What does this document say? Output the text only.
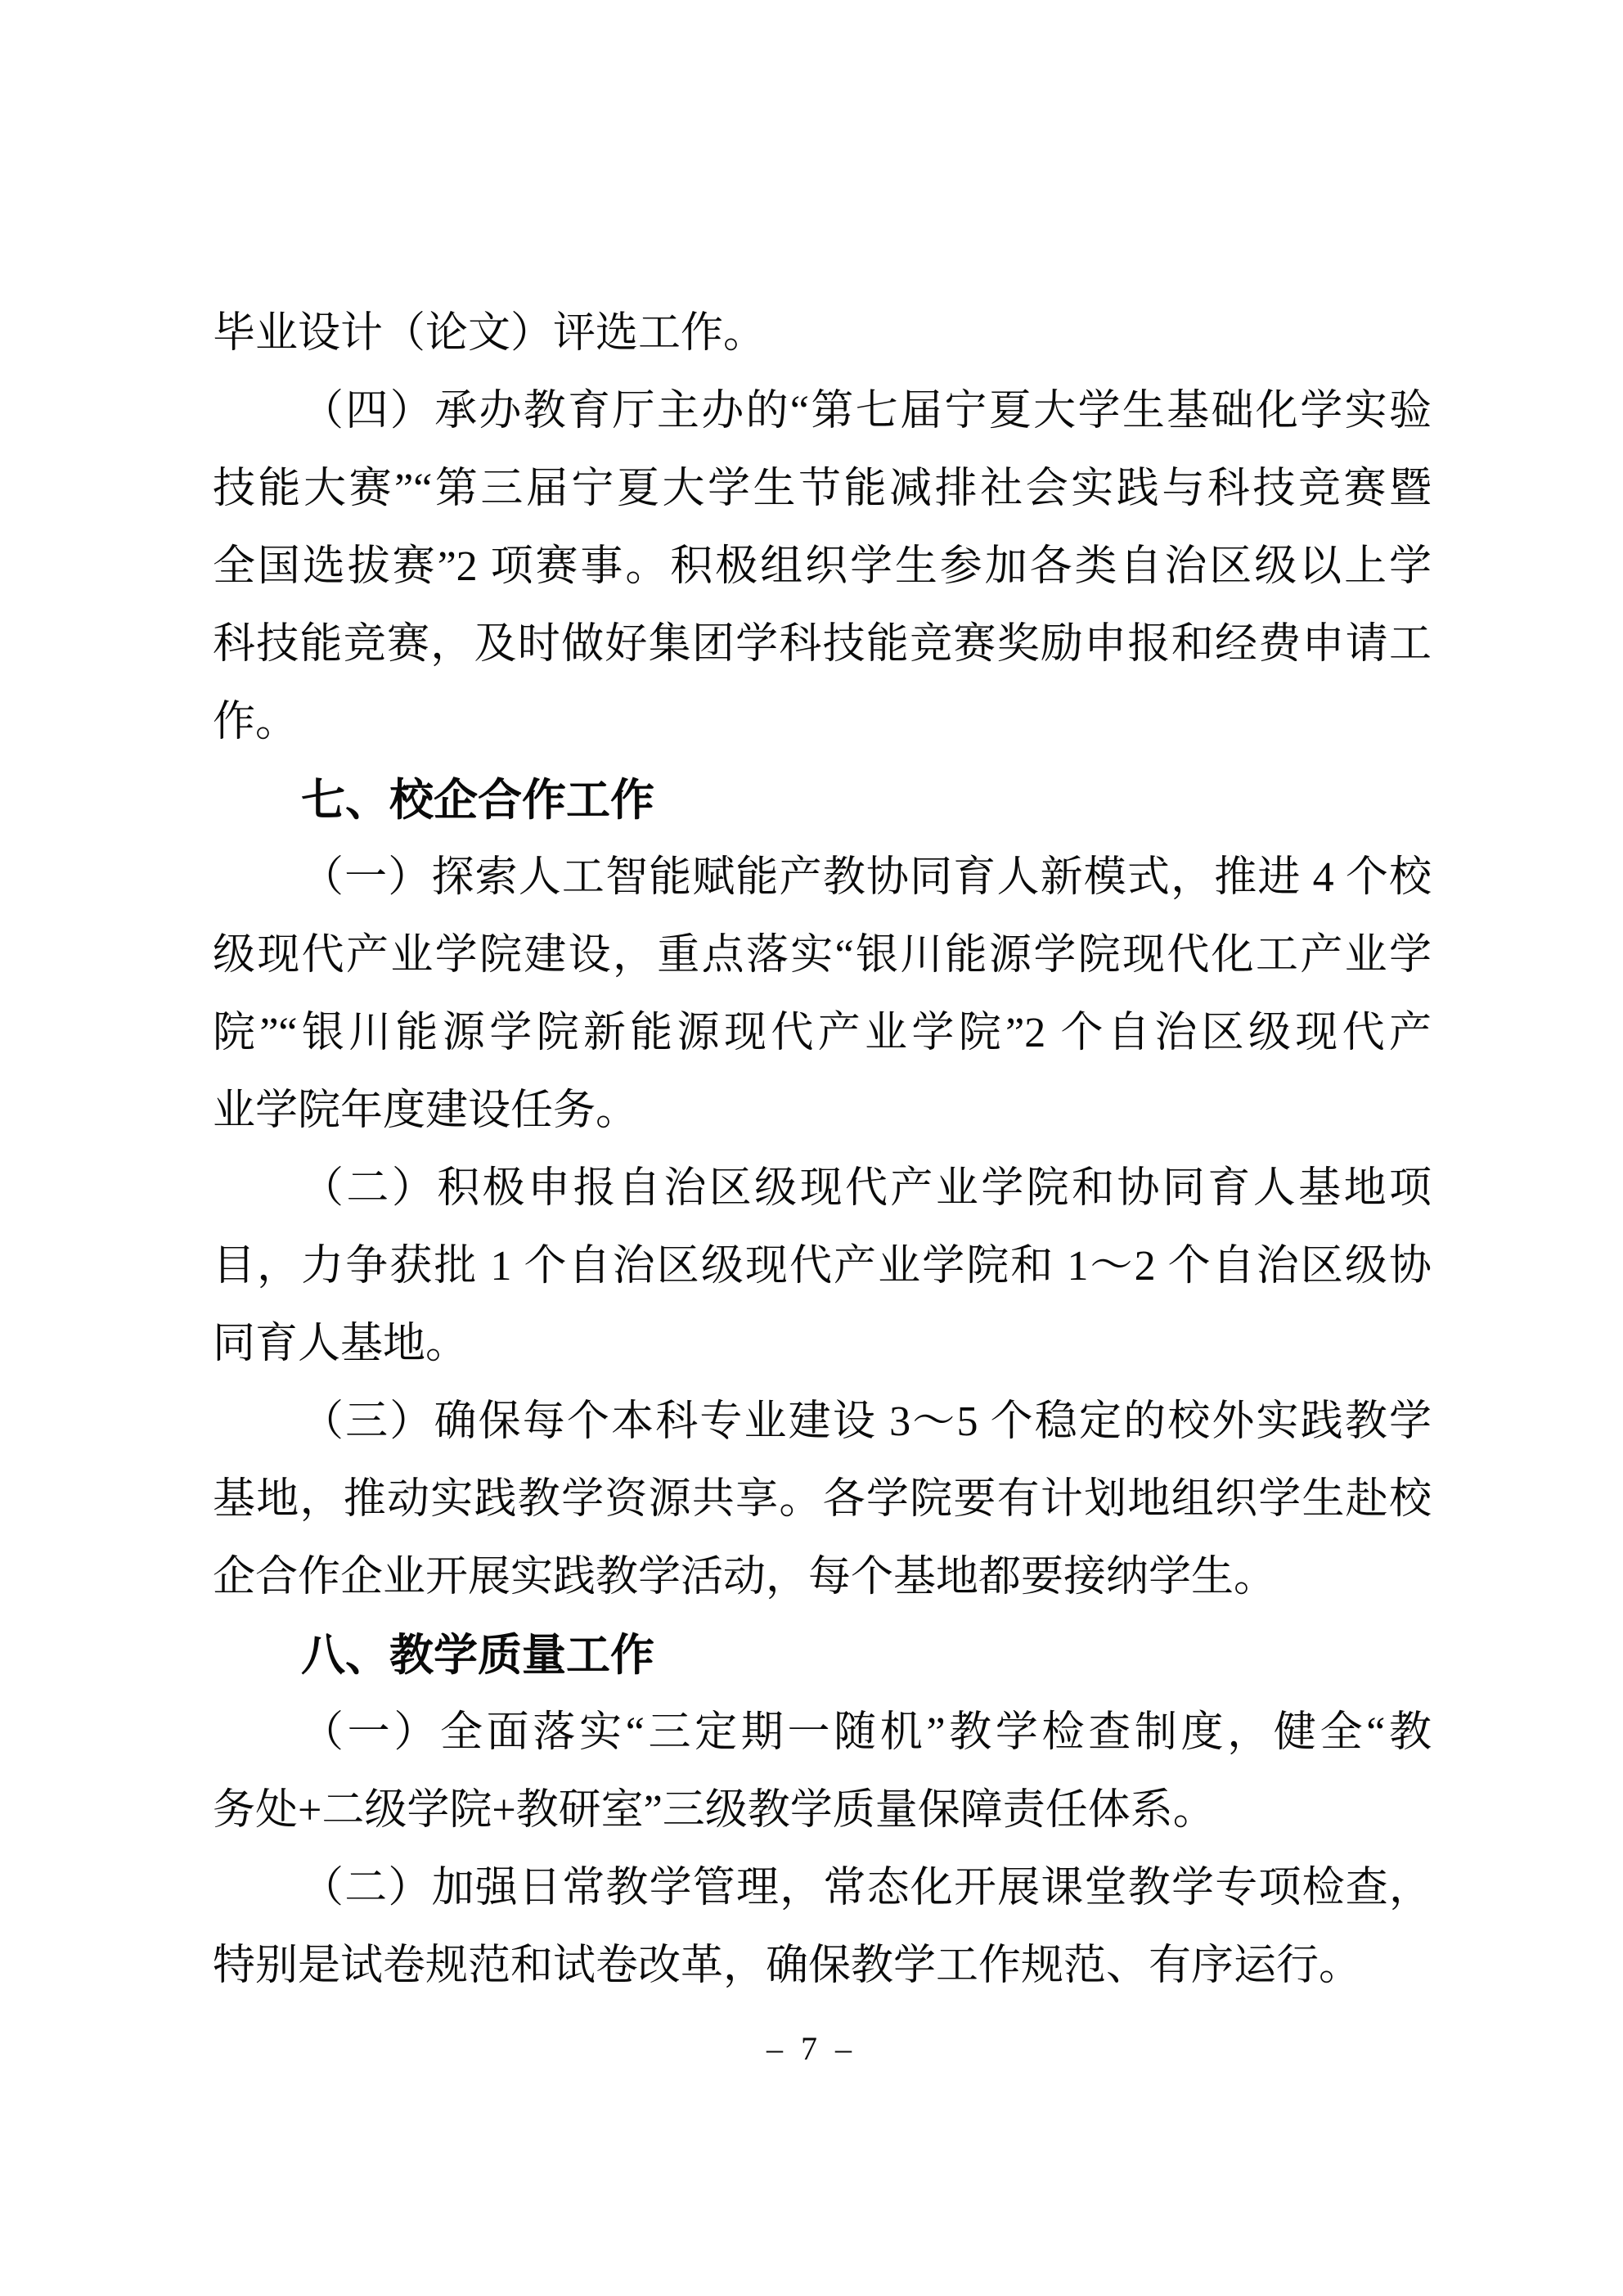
毕业设计（论文）评选工作。
（四）承办教育厅主办的“第七届宁夏大学生基础化学实验
技能大赛”“第三届宁夏大学生节能减排社会实践与科技竞赛暨
全国选拔赛”2 项赛事。积极组织学生参加各类自治区级以上学
科技能竞赛，及时做好集团学科技能竞赛奖励申报和经费申请工
作。
七、校企合作工作
（一）探索人工智能赋能产教协同育人新模式，推进 4 个校
级现代产业学院建设，重点落实“银川能源学院现代化工产业学
院”“银川能源学院新能源现代产业学院”2 个自治区级现代产
业学院年度建设任务。
（二）积极申报自治区级现代产业学院和协同育人基地项
目，力争获批 1 个自治区级现代产业学院和 1～2 个自治区级协
同育人基地。
（三）确保每个本科专业建设 3～5 个稳定的校外实践教学
基地，推动实践教学资源共享。各学院要有计划地组织学生赴校
企合作企业开展实践教学活动，每个基地都要接纳学生。
八、教学质量工作
（一）全面落实“三定期一随机”教学检查制度，健全“教
务处+二级学院+教研室”三级教学质量保障责任体系。
（二）加强日常教学管理，常态化开展课堂教学专项检查，
特别是试卷规范和试卷改革，确保教学工作规范、有序运行。
– 7 –
